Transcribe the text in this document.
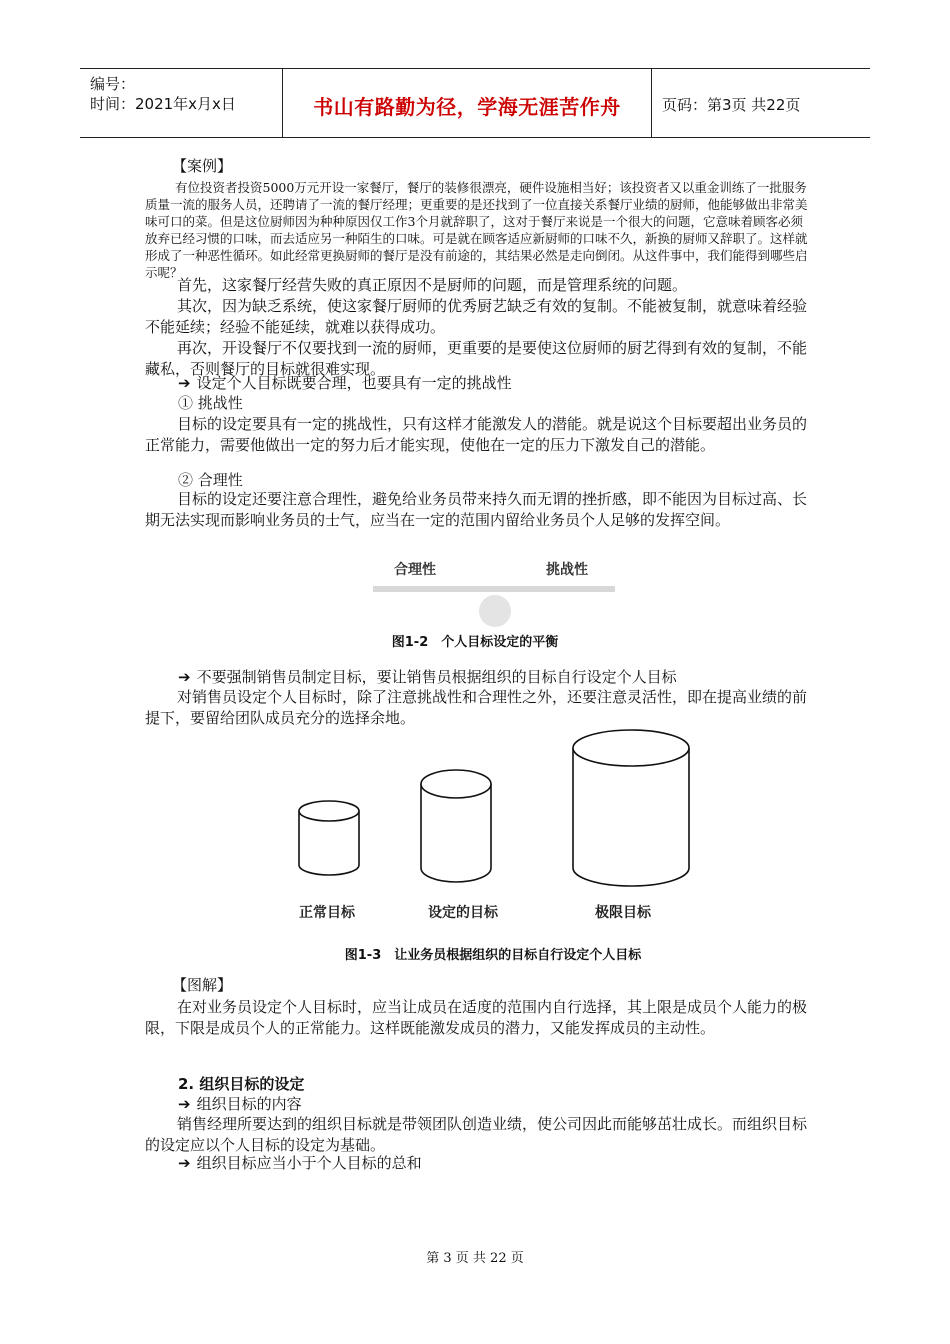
编号：
时间：2021年x月x日	书山有路勤为径，学海无涯苦作舟	页码：第3页 共22页
【案例】
有位投资者投资5000万元开设一家餐厅，餐厅的装修很漂亮，硬件设施相当好；该投资者又以重金训练了一批服务质量一流的服务人员，还聘请了一流的餐厅经理；更重要的是还找到了一位直接关系餐厅业绩的厨师，他能够做出非常美味可口的菜。但是这位厨师因为种种原因仅工作3个月就辞职了，这对于餐厅来说是一个很大的问题，它意味着顾客必须放弃已经习惯的口味，而去适应另一种陌生的口味。可是就在顾客适应新厨师的口味不久，新换的厨师又辞职了。这样就形成了一种恶性循环。如此经常更换厨师的餐厅是没有前途的，其结果必然是走向倒闭。从这件事中，我们能得到哪些启示呢？
首先，这家餐厅经营失败的真正原因不是厨师的问题，而是管理系统的问题。
其次，因为缺乏系统，使这家餐厅厨师的优秀厨艺缺乏有效的复制。不能被复制，就意味着经验不能延续；经验不能延续，就难以获得成功。
再次，开设餐厅不仅要找到一流的厨师，更重要的是要使这位厨师的厨艺得到有效的复制，不能藏私，否则餐厅的目标就很难实现。
➔ 设定个人目标既要合理，也要具有一定的挑战性
① 挑战性
目标的设定要具有一定的挑战性，只有这样才能激发人的潜能。就是说这个目标要超出业务员的正常能力，需要他做出一定的努力后才能实现，使他在一定的压力下激发自己的潜能。
② 合理性
目标的设定还要注意合理性，避免给业务员带来持久而无谓的挫折感，即不能因为目标过高、长期无法实现而影响业务员的士气，应当在一定的范围内留给业务员个人足够的发挥空间。
合理性	挑战性
图1-2　个人目标设定的平衡
➔ 不要强制销售员制定目标，要让销售员根据组织的目标自行设定个人目标
对销售员设定个人目标时，除了注意挑战性和合理性之外，还要注意灵活性，即在提高业绩的前提下，要留给团队成员充分的选择余地。
正常目标	设定的目标	极限目标
图1-3　让业务员根据组织的目标自行设定个人目标
【图解】
在对业务员设定个人目标时，应当让成员在适度的范围内自行选择，其上限是成员个人能力的极限，下限是成员个人的正常能力。这样既能激发成员的潜力，又能发挥成员的主动性。
2. 组织目标的设定
➔ 组织目标的内容
销售经理所要达到的组织目标就是带领团队创造业绩，使公司因此而能够茁壮成长。而组织目标的设定应以个人目标的设定为基础。
➔ 组织目标应当小于个人目标的总和
第 3 页 共 22 页
